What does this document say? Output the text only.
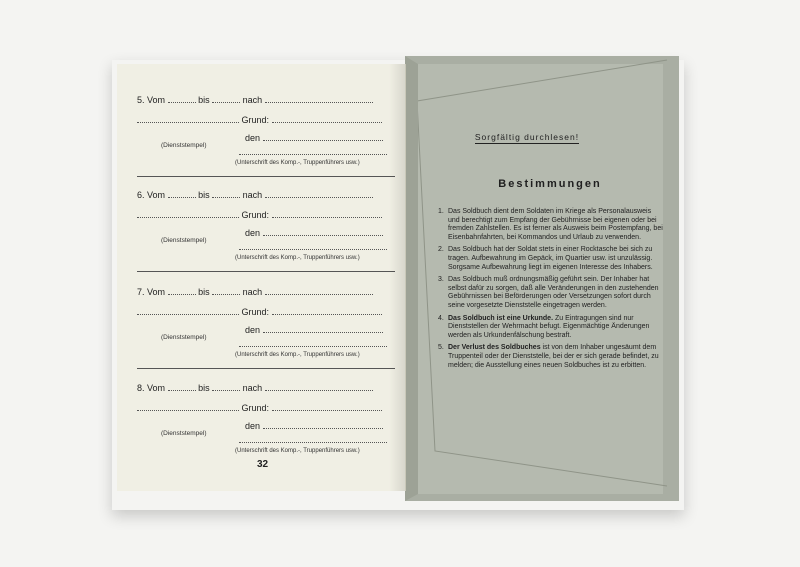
5. Vom	bis	nach
Grund:
den
(Dienststempel)
(Unterschrift des Komp.-, Truppenführers usw.)
6. Vom	bis	nach
Grund:
den
(Dienststempel)
(Unterschrift des Komp.-, Truppenführers usw.)
7. Vom	bis	nach
Grund:
den
(Dienststempel)
(Unterschrift des Komp.-, Truppenführers usw.)
8. Vom	bis	nach
Grund:
den
(Dienststempel)
(Unterschrift des Komp.-, Truppenführers usw.)
32
Sorgfältig durchlesen!
Bestimmungen
1. Das Soldbuch dient dem Soldaten im Kriege als Personalausweis und berechtigt zum Empfang der Gebührnisse bei eigenen oder bei fremden Zahlstellen. Es ist ferner als Ausweis beim Postempfang, bei Eisenbahnfahrten, bei Kommandos und Urlaub zu verwenden.
2. Das Soldbuch hat der Soldat stets in einer Rocktasche bei sich zu tragen. Aufbewahrung im Gepäck, im Quartier usw. ist unzulässig. Sorgsame Aufbewahrung liegt im eigenen Interesse des Inhabers.
3. Das Soldbuch muß ordnungsmäßig geführt sein. Der Inhaber hat selbst dafür zu sorgen, daß alle Veränderungen in den zustehenden Gebührnissen bei Beförderungen oder Versetzungen sofort durch seine vorgesetzte Dienststelle eingetragen werden.
4. Das Soldbuch ist eine Urkunde. Zu Eintragungen sind nur Dienststellen der Wehrmacht befugt. Eigenmächtige Änderungen werden als Urkundenfälschung bestraft.
5. Der Verlust des Soldbuches ist von dem Inhaber ungesäumt dem Truppenteil oder der Dienststelle, bei der er sich gerade befindet, zu melden; die Ausstellung eines neuen Soldbuches ist zu erbitten.
